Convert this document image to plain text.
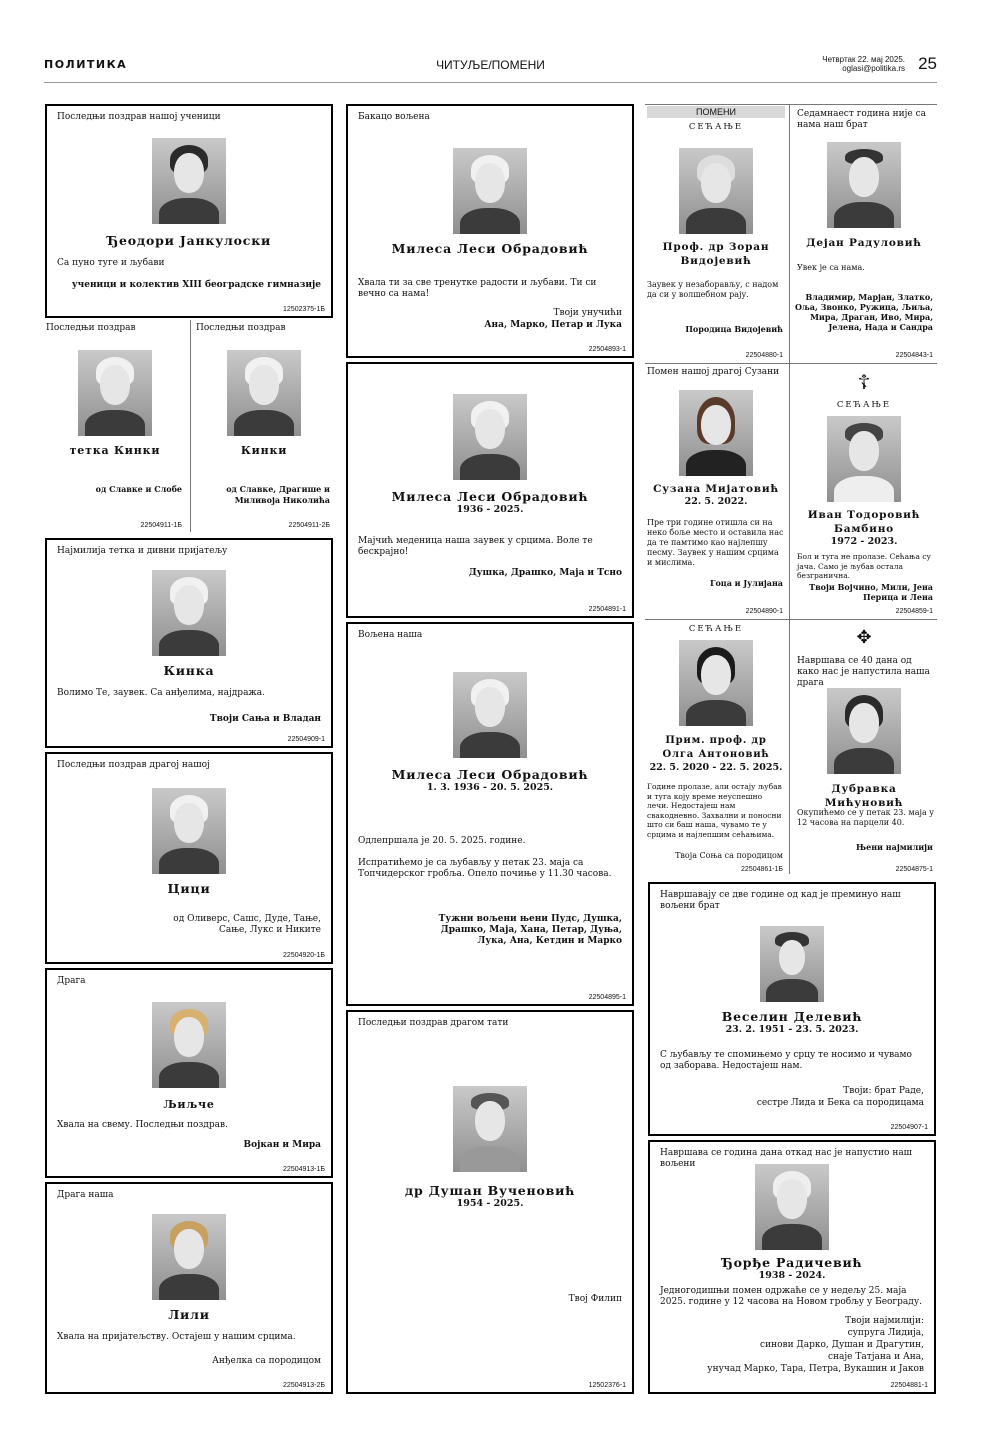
ПОЛИТИКА	ЧИТУЉЕ/ПОМЕНИ	Четвртак 22. мај 2025.
oglasi@politika.rs 25
Последњи поздрав нашој ученици
Ђеодори Јанкулоски
Са пуно туге и љубави
ученици и колектив XIII београдске гимназије
12502375-1Б
Последњи поздрав
тетка Кинки
од Славке и Слобе
22504911-1Б
Последњи поздрав
Кинки
од Славке, Драгише и Миливоја Николића
22504911-2Б
Најмилија тетка и дивни пријатељу
Кинка
Волимо Те, заувек. Са анђелима, најдража.
Твоји Сања и Владан
22504909-1
Последњи поздрав драгој нашој
Цици
од Оливерс, Сашс, Дуде, Тање, Сање, Лукс и Никите
22504920-1Б
Драга
Љиљче
Хвала на свему. Последњи поздрав.
Војкан и Мира
22504913-1Б
Драга наша
Лили
Хвала на пријатељству. Остајеш у нашим срцима.
Анђелка са породицом
22504913-2Б
Бакацо вољена
Милеса Леси Обрадовић
Хвала ти за све тренутке радости и љубави. Ти си вечно са нама!
Твоји унучићи
Ана, Марко, Петар и Лука
22504893-1
Милеса Леси Обрадовић
1936 - 2025.
Мајчић меденица наша заувек у срцима. Воле те бескрајно!
Душка, Драшко, Маја и Тсно
22504891-1
Вољена наша
Милеса Леси Обрадовић
1. 3. 1936 - 20. 5. 2025.
Одлепршала је 20. 5. 2025. године.
Испратићемо је са љубављу у петак 23. маја са Топчидерског гробља. Опело почиње у 11.30 часова.
Тужни вољени њени Пудс, Душка, Драшко, Маја, Хана, Петар, Дуња, Лука, Ана, Кетдин и Марко
22504895-1
Последњи поздрав драгом тати
др Душан Вученовић
1954 - 2025.
Твој Филип
12502376-1
ПОМЕНИ
СЕЋАЊЕ
Проф. др Зоран Видојевић
Заувек у незаборављу, с надом да си у волшебном рају.
Породица Видојевић
22504880-1
Помен нашој драгој Сузани
Сузана Мијатовић
22. 5. 2022.
Пре три године отишла си на неко боље место и оставила нас да те памтимо као најлепшу песму. Заувек у нашим срцима и мислима.
Гоца и Јулијана
22504890-1
СЕЋАЊЕ
Прим. проф. др Олга Антоновић
22. 5. 2020 - 22. 5. 2025.
Године пролазе, али остају љубав и туга коју време неуспешно лечи. Недостајеш нам свакодневно. Захвални и поносни што си баш наша, чувамо те у срцима и најлепшим сећањима.
Твоја Соња са породицом
22504861-1Б
Седамнаест година није са нама наш брат
Дејан Радуловић
Увек је са нама.
Владимир, Марјан, Златко, Оља, Звонко, Ружица, Љиља, Мира, Драган, Иво, Мира, Јелена, Нада и Сандра
22504843-1
☦
СЕЋАЊЕ
Иван Тодоровић Бамбино
1972 - 2023.
Бол и туга не пролазе. Сећања су јача. Само је љубав остала безгранична.
Твоји Војчино, Мили, Јена Перица и Лена
22504859-1
✥
Навршава се 40 дана од како нас је напустила наша драга
Дубравка Мићуновић
Окупићемо се у петак 23. маја у 12 часова на парцели 40.
Њени најмилији
22504875-1
Навршавају се две године од кад је преминуо наш вољени брат
Веселин Делевић
23. 2. 1951 - 23. 5. 2023.
С љубављу те спомињемо у срцу те носимо и чувамо од заборава. Недостајеш нам.
Твоји: брат Раде,
сестре Лида и Бека са породицама
22504907-1
Навршава се година дана откад нас је напустио наш вољени
Ђорђе Радичевић
1938 - 2024.
Једногодишњи помен одржаће се у недељу 25. маја 2025. године у 12 часова на Новом гробљу у Београду.
Твоји најмилији:
супруга Лидија,
синови Дарко, Душан и Драгутин,
снаје Татјана и Ана,
унучад Марко, Тара, Петра, Вукашин и Јаков
22504881-1
